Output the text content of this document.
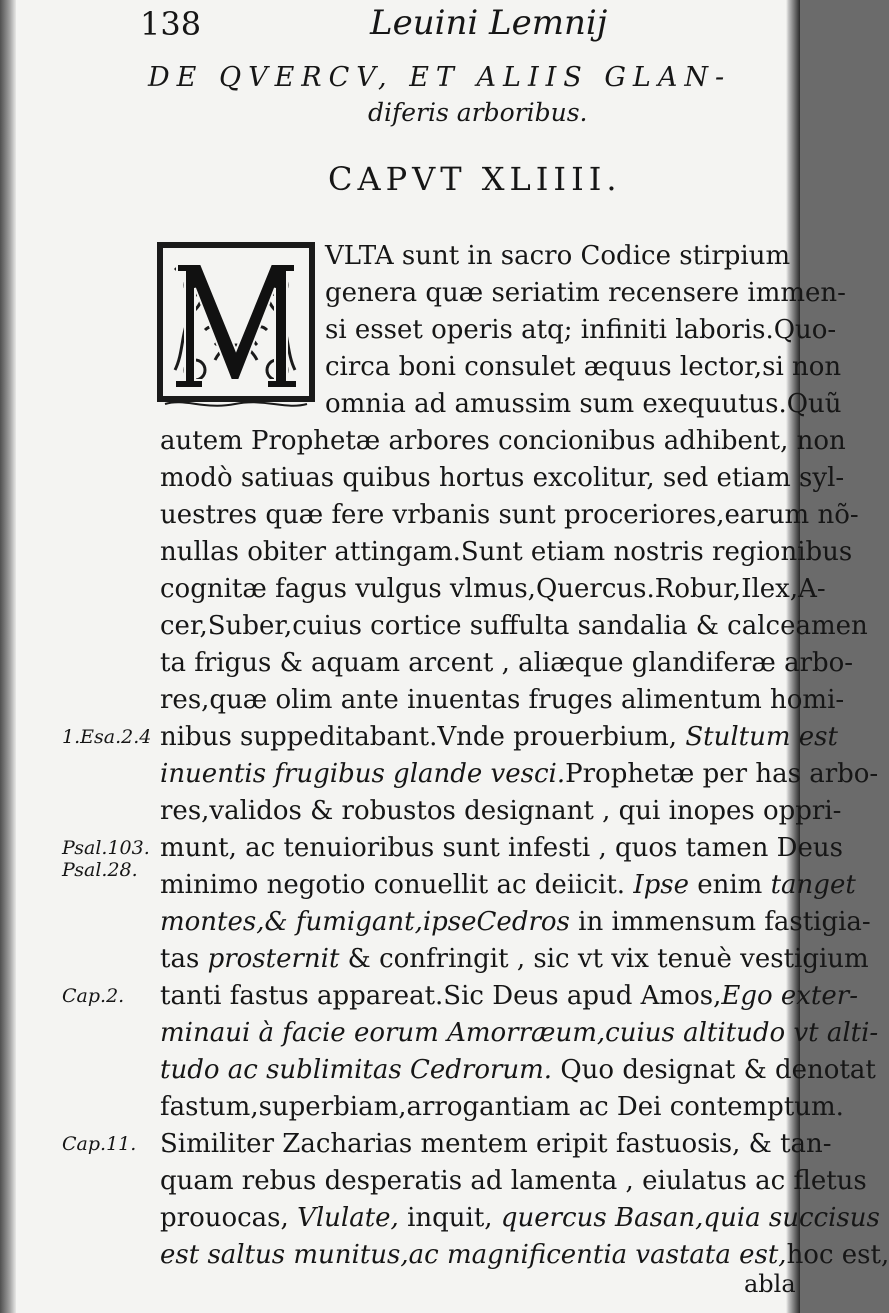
138	Leuini Lemnij
DE QVERCV, ET ALIIS GLAN-
diferis arboribus.
CAPVT XLIIII.
M
VLTA sunt in sacro Codice stirpium
genera quæ seriatim recensere immen-
si esset operis atq; infiniti laboris.Quo-
circa boni consulet æquus lector,si non
omnia ad amussim sum exequutus.Quũ
autem Prophetæ arbores concionibus adhibent, non
modò satiuas quibus hortus excolitur, sed etiam syl-
uestres quæ fere vrbanis sunt proceriores,earum nõ-
nullas obiter attingam.Sunt etiam nostris regionibus
cognitæ fagus vulgus vlmus,Quercus.Robur,Ilex,A-
cer,Suber,cuius cortice suffulta sandalia & calceamen
ta frigus & aquam arcent , aliæque glandiferæ arbo-
res,quæ olim ante inuentas fruges alimentum homi-
nibus suppeditabant.Vnde prouerbium, Stultum est
inuentis frugibus glande vesci.Prophetæ per has arbo-
res,validos & robustos designant , qui inopes oppri-
munt, ac tenuioribus sunt infesti , quos tamen Deus
minimo negotio conuellit ac deiicit. Ipse enim tanget
montes,& fumigant,ipseCedros in immensum fastigia-
tas prosternit & confringit , sic vt vix tenuè vestigium
tanti fastus appareat.Sic Deus apud Amos,Ego exter-
minaui à facie eorum Amorræum,cuius altitudo vt alti-
tudo ac sublimitas Cedrorum. Quo designat & denotat
fastum,superbiam,arrogantiam ac Dei contemptum.
Similiter Zacharias mentem eripit fastuosis, & tan-
quam rebus desperatis ad lamenta , eiulatus ac fletus
prouocas, Vlulate, inquit, quercus Basan,quia succisus
est saltus munitus,ac magnificentia vastata est,hoc est,
abla
1.Esa.2.4
Psal.103.
Psal.28.
Cap.2.
Cap.11.
